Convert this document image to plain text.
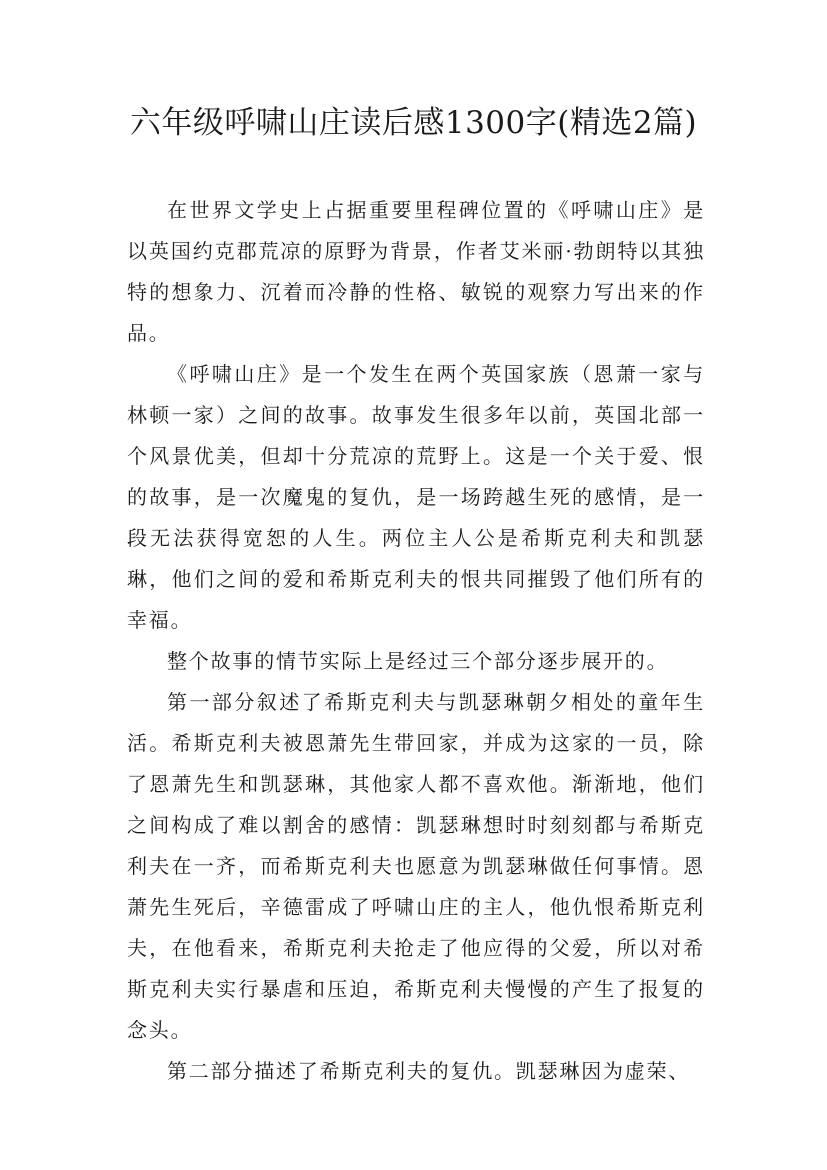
六年级呼啸山庄读后感1300字(精选2篇)

在世界文学史上占据重要里程碑位置的《呼啸山庄》是以英国约克郡荒凉的原野为背景，作者艾米丽·勃朗特以其独特的想象力、沉着而冷静的性格、敏锐的观察力写出来的作品。

《呼啸山庄》是一个发生在两个英国家族（恩萧一家与林顿一家）之间的故事。故事发生很多年以前，英国北部一个风景优美，但却十分荒凉的荒野上。这是一个关于爱、恨的故事，是一次魔鬼的复仇，是一场跨越生死的感情，是一段无法获得宽恕的人生。两位主人公是希斯克利夫和凯瑟琳，他们之间的爱和希斯克利夫的恨共同摧毁了他们所有的幸福。

整个故事的情节实际上是经过三个部分逐步展开的。

第一部分叙述了希斯克利夫与凯瑟琳朝夕相处的童年生活。希斯克利夫被恩萧先生带回家，并成为这家的一员，除了恩萧先生和凯瑟琳，其他家人都不喜欢他。渐渐地，他们之间构成了难以割舍的感情：凯瑟琳想时时刻刻都与希斯克利夫在一齐，而希斯克利夫也愿意为凯瑟琳做任何事情。恩萧先生死后，辛德雷成了呼啸山庄的主人，他仇恨希斯克利夫，在他看来，希斯克利夫抢走了他应得的父爱，所以对希斯克利夫实行暴虐和压迫，希斯克利夫慢慢的产生了报复的念头。

第二部分描述了希斯克利夫的复仇。凯瑟琳因为虚荣、
